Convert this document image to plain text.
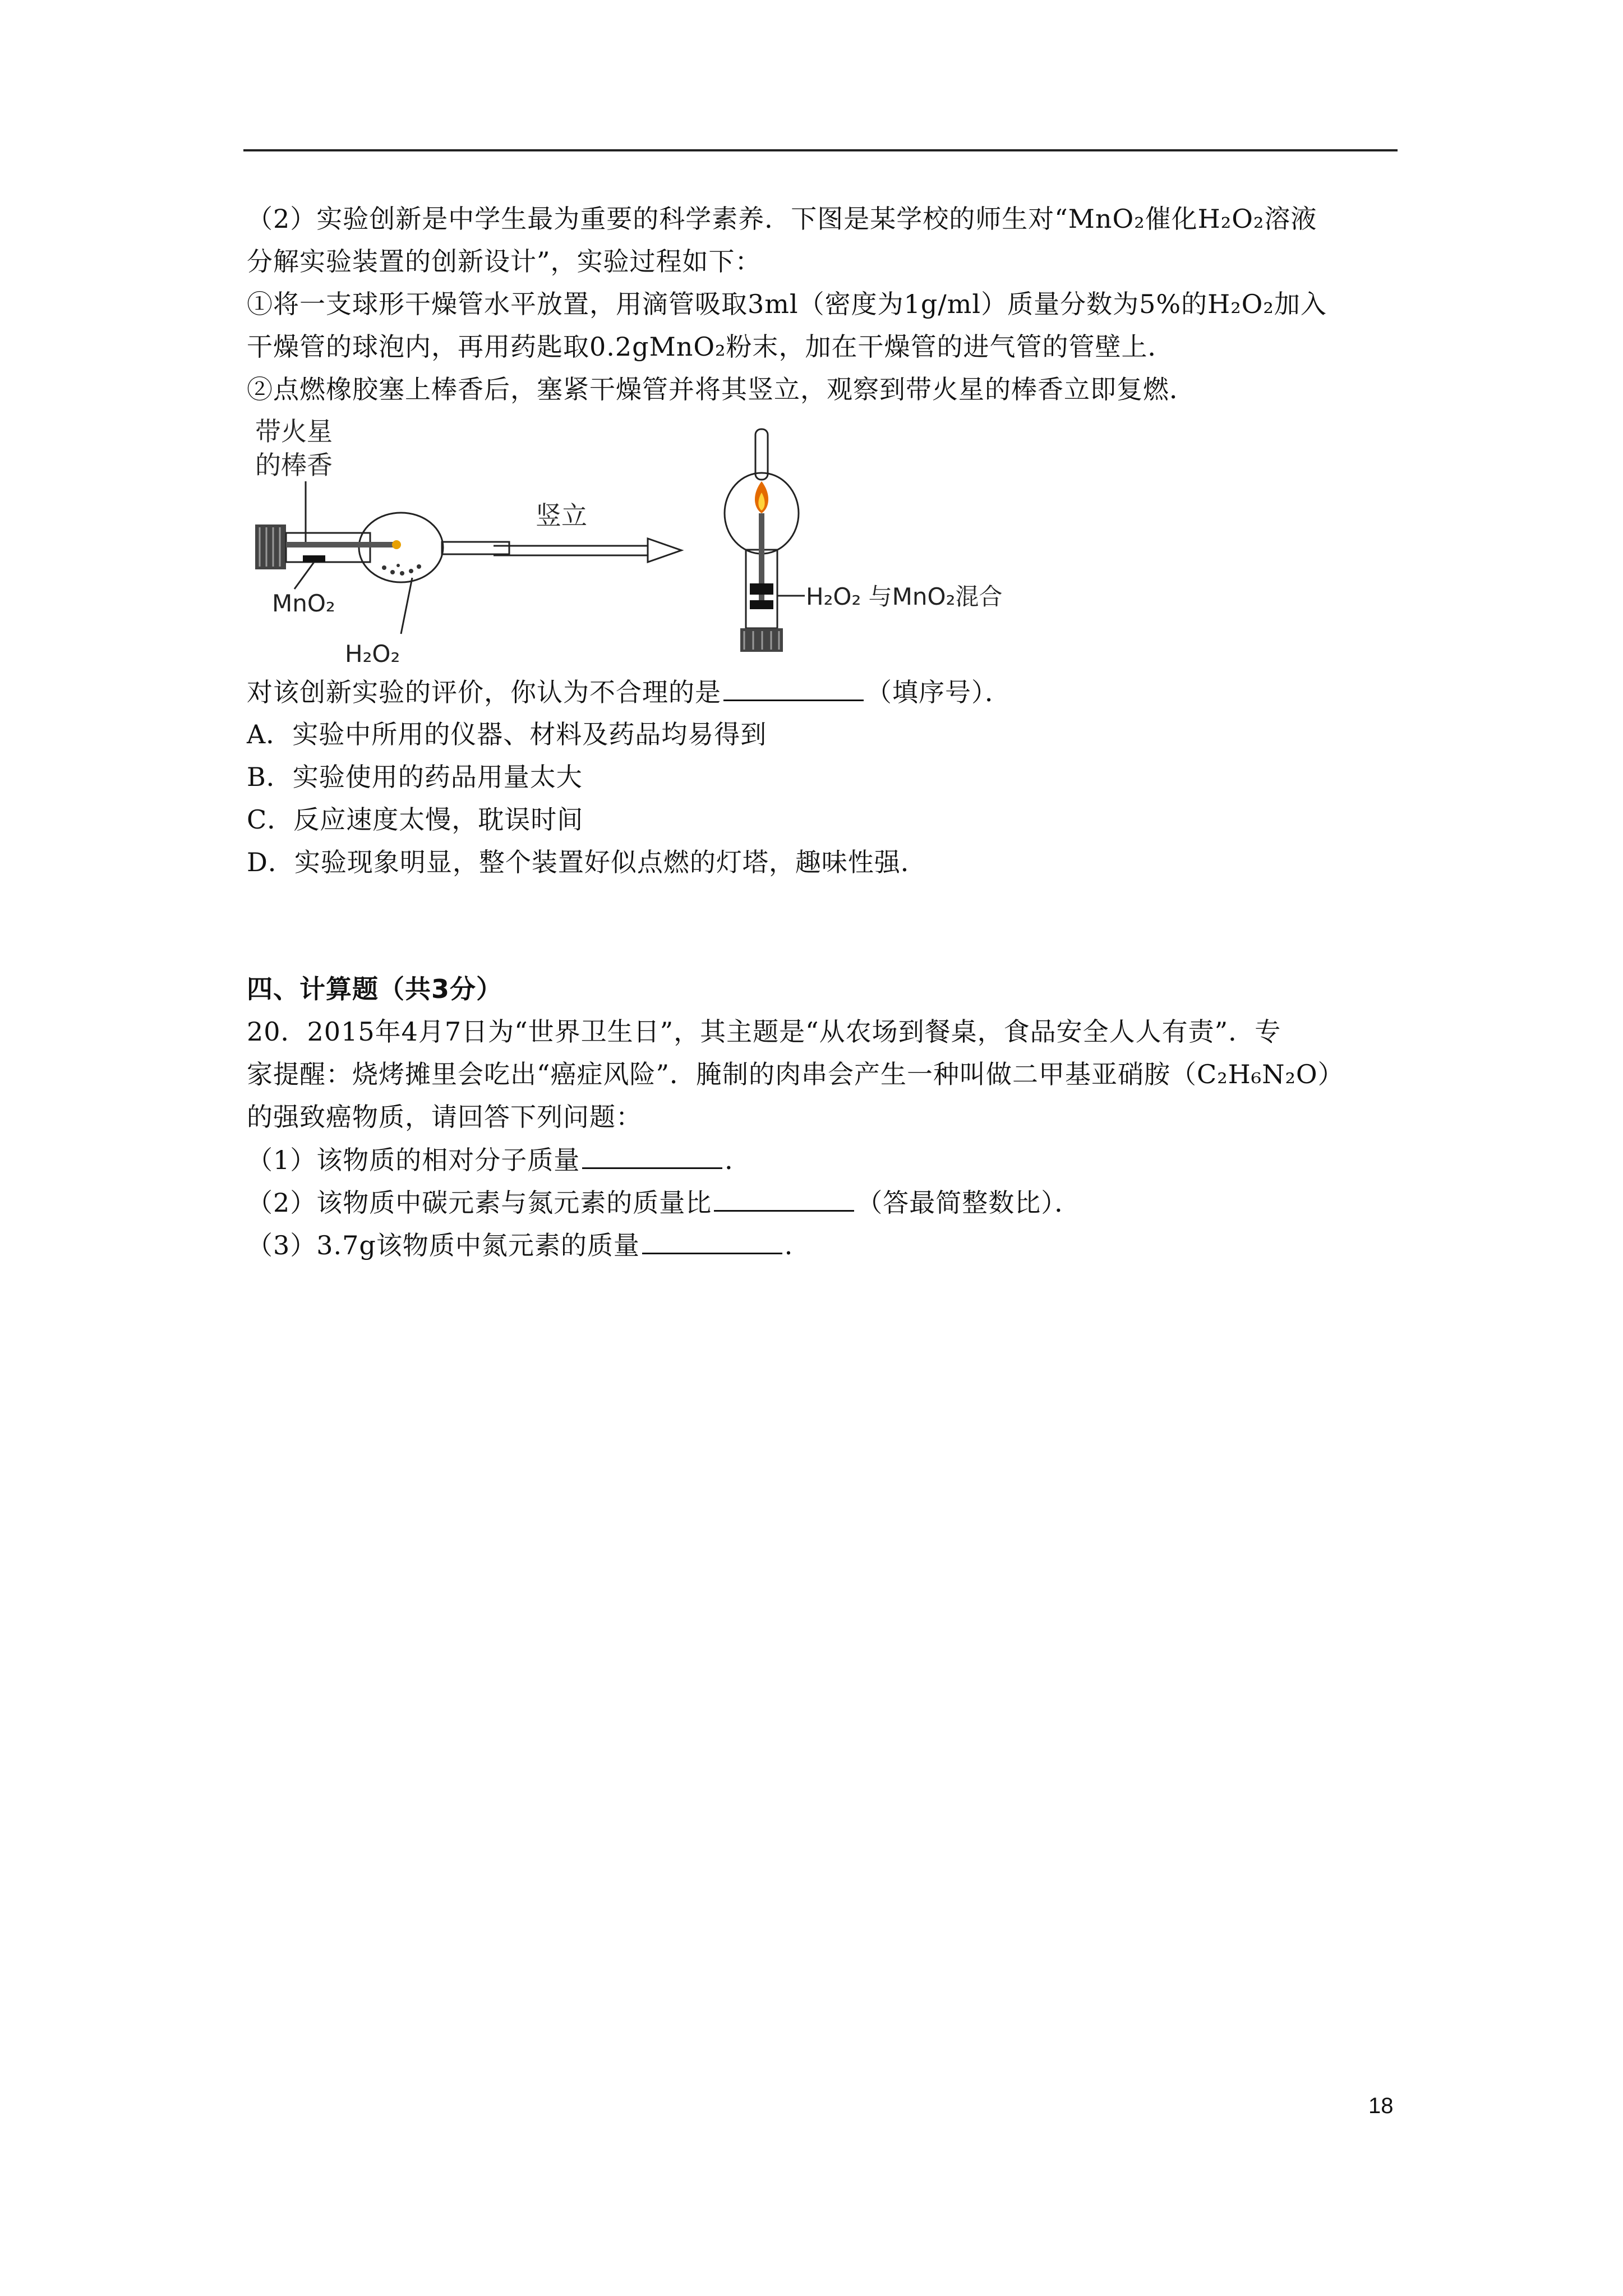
（2）实验创新是中学生最为重要的科学素养．下图是某学校的师生对“MnO₂催化H₂O₂溶液
分解实验装置的创新设计”，实验过程如下：
①将一支球形干燥管水平放置，用滴管吸取3ml（密度为1g/ml）质量分数为5%的H₂O₂加入
干燥管的球泡内，再用药匙取0.2gMnO₂粉末，加在干燥管的进气管的管壁上．
②点燃橡胶塞上棒香后，塞紧干燥管并将其竖立，观察到带火星的棒香立即复燃．
带火星
的棒香
MnO₂
H₂O₂
竖立
H₂O₂ 与MnO₂混合
对该创新实验的评价，你认为不合理的是	（填序号）．
A．实验中所用的仪器、材料及药品均易得到
B．实验使用的药品用量太大
C．反应速度太慢，耽误时间
D．实验现象明显，整个装置好似点燃的灯塔，趣味性强．
四、计算题（共3分）
20．2015年4月7日为“世界卫生日”，其主题是“从农场到餐桌，食品安全人人有责”．专
家提醒：烧烤摊里会吃出“癌症风险”．腌制的肉串会产生一种叫做二甲基亚硝胺（C₂H₆N₂O）
的强致癌物质，请回答下列问题：
（1）该物质的相对分子质量	．
（2）该物质中碳元素与氮元素的质量比	（答最简整数比）．
（3）3.7g该物质中氮元素的质量	．
18
